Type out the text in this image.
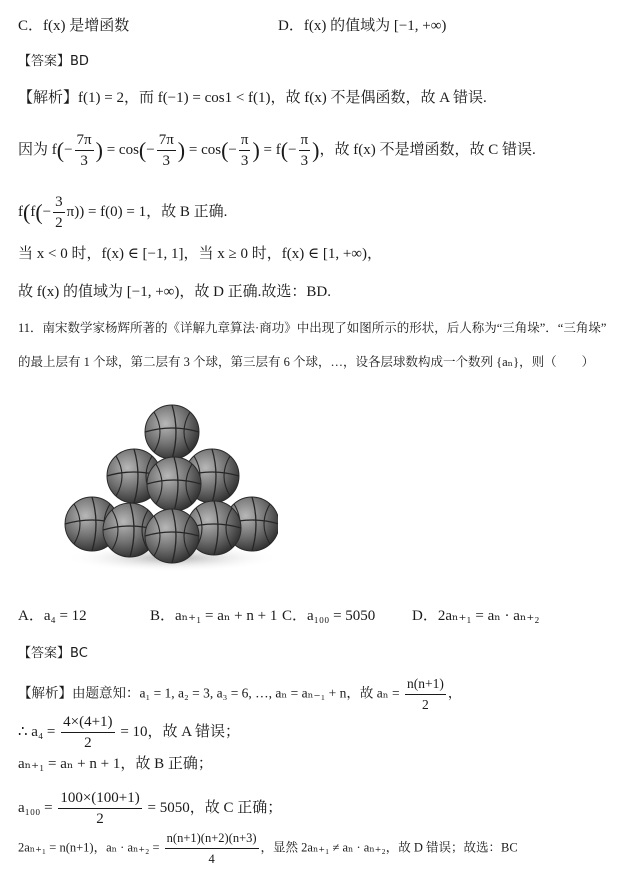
C．f(x) 是增函数	D．f(x) 的值域为 [−1, +∞)
【答案】BD
【解析】f(1) = 2，而 f(−1) = cos1 < f(1)，故 f(x) 不是偶函数，故 A 错误.
因为 $f(- \frac{7\pi}{3}$ ) = $\cos(- \frac{7\pi}{3}$ ) = $\cos(- \frac{\pi}{3}$ ) = $f(- \frac{\pi}{3}$ )，故 f(x) 不是增函数，故 C 错误.
$f(f(- \frac{3}{2} \pi)) = f(0) = 1$，故 B 正确.
当 x < 0 时，f(x) ∈ [−1, 1]，当 x ≥ 0 时，f(x) ∈ [1, +∞)，
故 f(x) 的值域为 [−1, +∞)，故 D 正确.故选：BD.
11．南宋数学家杨辉所著的《详解九章算法·商功》中出现了如图所示的形状，后人称为“三角垛”．“三角垛”
的最上层有 1 个球，第二层有 3 个球，第三层有 6 个球，…，设各层球数构成一个数列 {aₙ}，则（　　）
A．a₄ = 12	B．aₙ₊₁ = aₙ + n + 1 C．a₁₀₀ = 5050 D．2aₙ₊₁ = aₙ · aₙ₊₂
【答案】BC
【解析】由题意知：a₁ = 1, a₂ = 3, a₃ = 6, …, aₙ = aₙ₋₁ + n，故 $a_n = \frac{n(n+1)}{2}$ ，
∴ $a_4 = \frac{4\times(4+1)}{2} = 10$，故 A 错误；
aₙ₊₁ = aₙ + n + 1，故 B 正确；
$a_{100} = \frac{100\times(100+1)}{2} = 5050$，故 C 正确；
2aₙ₊₁ = n(n+1)，$a_n \cdot a_{n+2} = \frac{n(n+1)(n+2)(n+3)}{4}$ ，显然 2aₙ₊₁ ≠ aₙ · aₙ₊₂，故 D 错误；故选：BC
